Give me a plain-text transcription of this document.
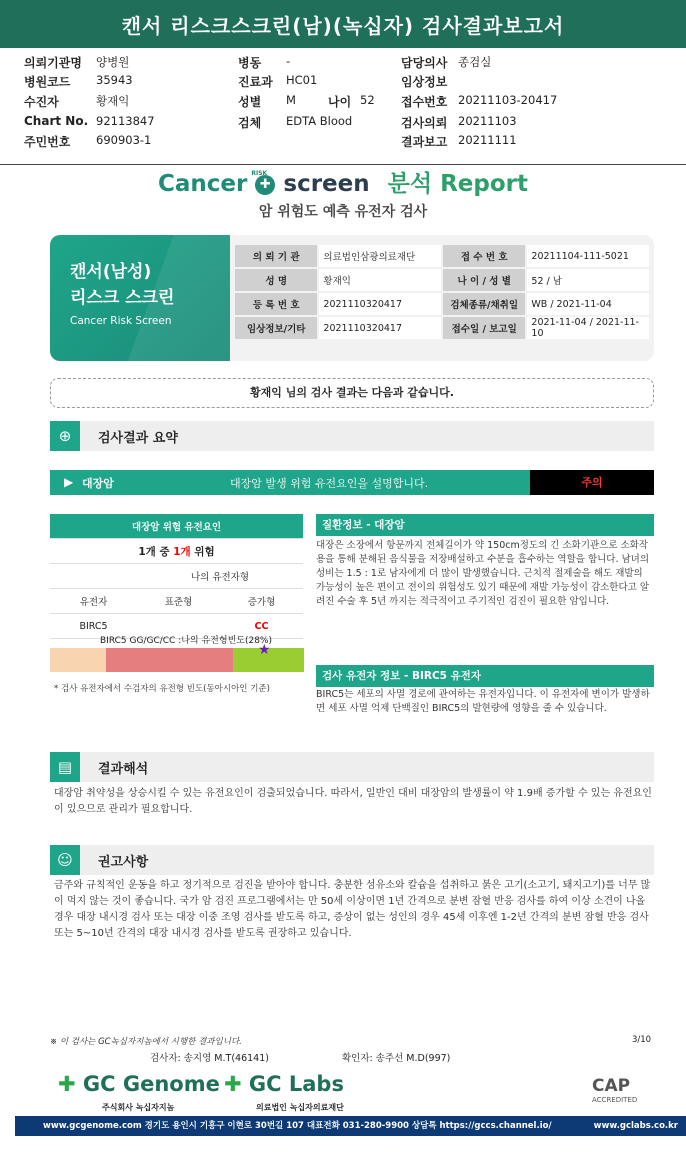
캔서 리스크스크린(남)(녹십자) 검사결과보고서
의뢰기관명 양병원
병원코드 35943
수진자	황재익
Chart No. 92113847
주민번호 690903-1
병동 -
진료과 HC01
성별 M	나이 52
검체 EDTA Blood
담당의사 종검실
임상정보
접수번호 20211103-20417
검사의뢰 20211103
결과보고 20211111
Cancer ✚
RISK screen 분석 Report
암 위험도 예측 유전자 검사
캔서(남성)
리스크 스크린
Cancer Risk Screen
의 뢰 기 관	의료법인삼광의료재단	접 수 번 호	20211104-111-5021
성 명	황재익	나 이 / 성 별	52 / 남
등 록 번 호	2021110320417	검체종류/채취일	WB / 2021-11-04
임상정보/기타	2021110320417	접수일 / 보고일	2021-11-04 / 2021-11-10
황재익 님의 검사 결과는 다음과 같습니다.
⊕	검사결과 요약
▶ 대장암	대장암 발생 위험 유전요인을 설명합니다.	주의
대장암 위험 유전요인		
1개 중 1개 위험		
	나의 유전자형	
유전자	표준형	증가형
BIRC5		CC
BIRC5 GG/GC/CC :나의 유전형빈도(28%)
★
* 검사 유전자에서 수검자의 유전형 빈도(동아시아인 기준)
질환정보 - 대장암
대장은 소장에서 항문까지 전체길이가 약 150cm정도의 긴 소화기관으로 소화작용을 통해 분해된 음식물을 저장배설하고 수분을 흡수하는 역할을 합니다. 남녀의 성비는 1.5 : 1로 남자에게 더 많이 발생했습니다. 근치적 절제술을 해도 재발의 가능성이 높은 편이고 전이의 위험성도 있기 때문에 재발 가능성이 감소한다고 알려진 수술 후 5년 까지는 적극적이고 주기적인 검진이 필요한 암입니다.
검사 유전자 정보 - BIRC5 유전자
BIRC5는 세포의 사멸 경로에 관여하는 유전자입니다. 이 유전자에 변이가 발생하면 세포 사멸 억제 단백질인 BIRC5의 발현량에 영향을 줄 수 있습니다.
▤	결과해석
대장암 취약성을 상승시킬 수 있는 유전요인이 검출되었습니다. 따라서, 일반인 대비 대장암의 발생률이 약 1.9배 증가할 수 있는 유전요인이 있으므로 관리가 필요합니다.
☺	권고사항
금주와 규칙적인 운동을 하고 정기적으로 검진을 받아야 합니다. 충분한 섬유소와 칼슘을 섭취하고 붉은 고기(소고기, 돼지고기)를 너무 많이 먹지 않는 것이 좋습니다. 국가 암 검진 프로그램에서는 만 50세 이상이면 1년 간격으로 분변 잠혈 반응 검사를 하여 이상 소견이 나올 경우 대장 내시경 검사 또는 대장 이중 조영 검사를 받도록 하고, 증상이 없는 성인의 경우 45세 이후엔 1-2년 간격의 분변 잠혈 반응 검사 또는 5~10년 간격의 대장 내시경 검사를 받도록 권장하고 있습니다.
※ 이 검사는 GC녹십자지놈에서 시행한 결과입니다.	3/10
검사자: 송지영 M.T(46141)	확인자: 송주선 M.D(997)
✚ GC Genome
주식회사 녹십자지놈
✚ GC Labs
의료법인 녹십자의료재단
CAP
ACCREDITED
www.gcgenome.com 경기도 용인시 기흥구 이현로 30번길 107 대표전화 031-280-9900 상담톡 https://gccs.channel.io/	www.gclabs.co.kr
